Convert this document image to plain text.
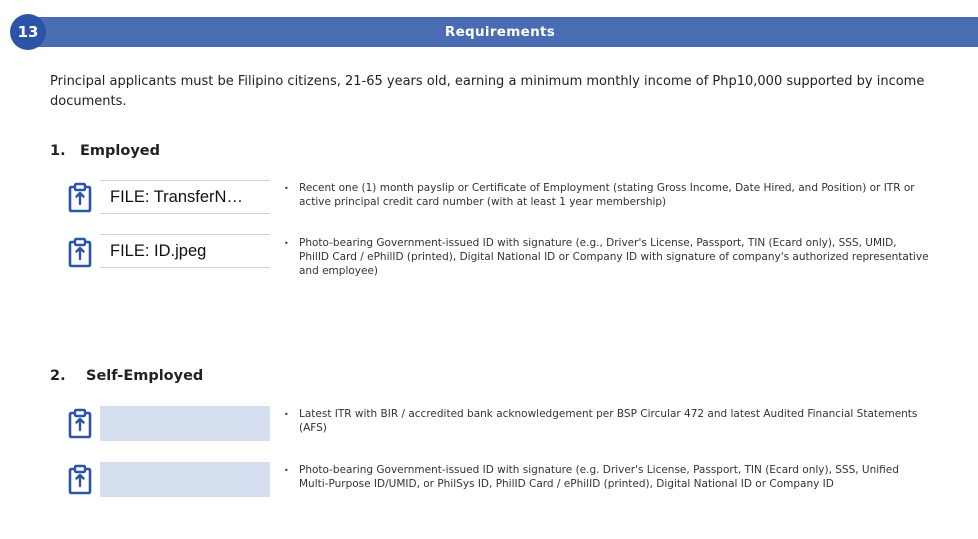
Requirements
13
Principal applicants must be Filipino citizens, 21-65 years old, earning a minimum monthly income of Php10,000 supported by income documents.
1. Employed
FILE: TransferN…	• Recent one (1) month payslip or Certificate of Employment (stating Gross Income, Date Hired, and Position) or ITR or active principal credit card number (with at least 1 year membership)
FILE: ID.jpeg	• Photo-bearing Government-issued ID with signature (e.g., Driver's License, Passport, TIN (Ecard only), SSS, UMID, PhilID Card / ePhilID (printed), Digital National ID or Company ID with signature of company's authorized representative and employee)
2. Self-Employed
• Latest ITR with BIR / accredited bank acknowledgement per BSP Circular 472 and latest Audited Financial Statements (AFS)
• Photo-bearing Government-issued ID with signature (e.g. Driver's License, Passport, TIN (Ecard only), SSS, Unified Multi-Purpose ID/UMID, or PhilSys ID, PhilID Card / ePhilID (printed), Digital National ID or Company ID
